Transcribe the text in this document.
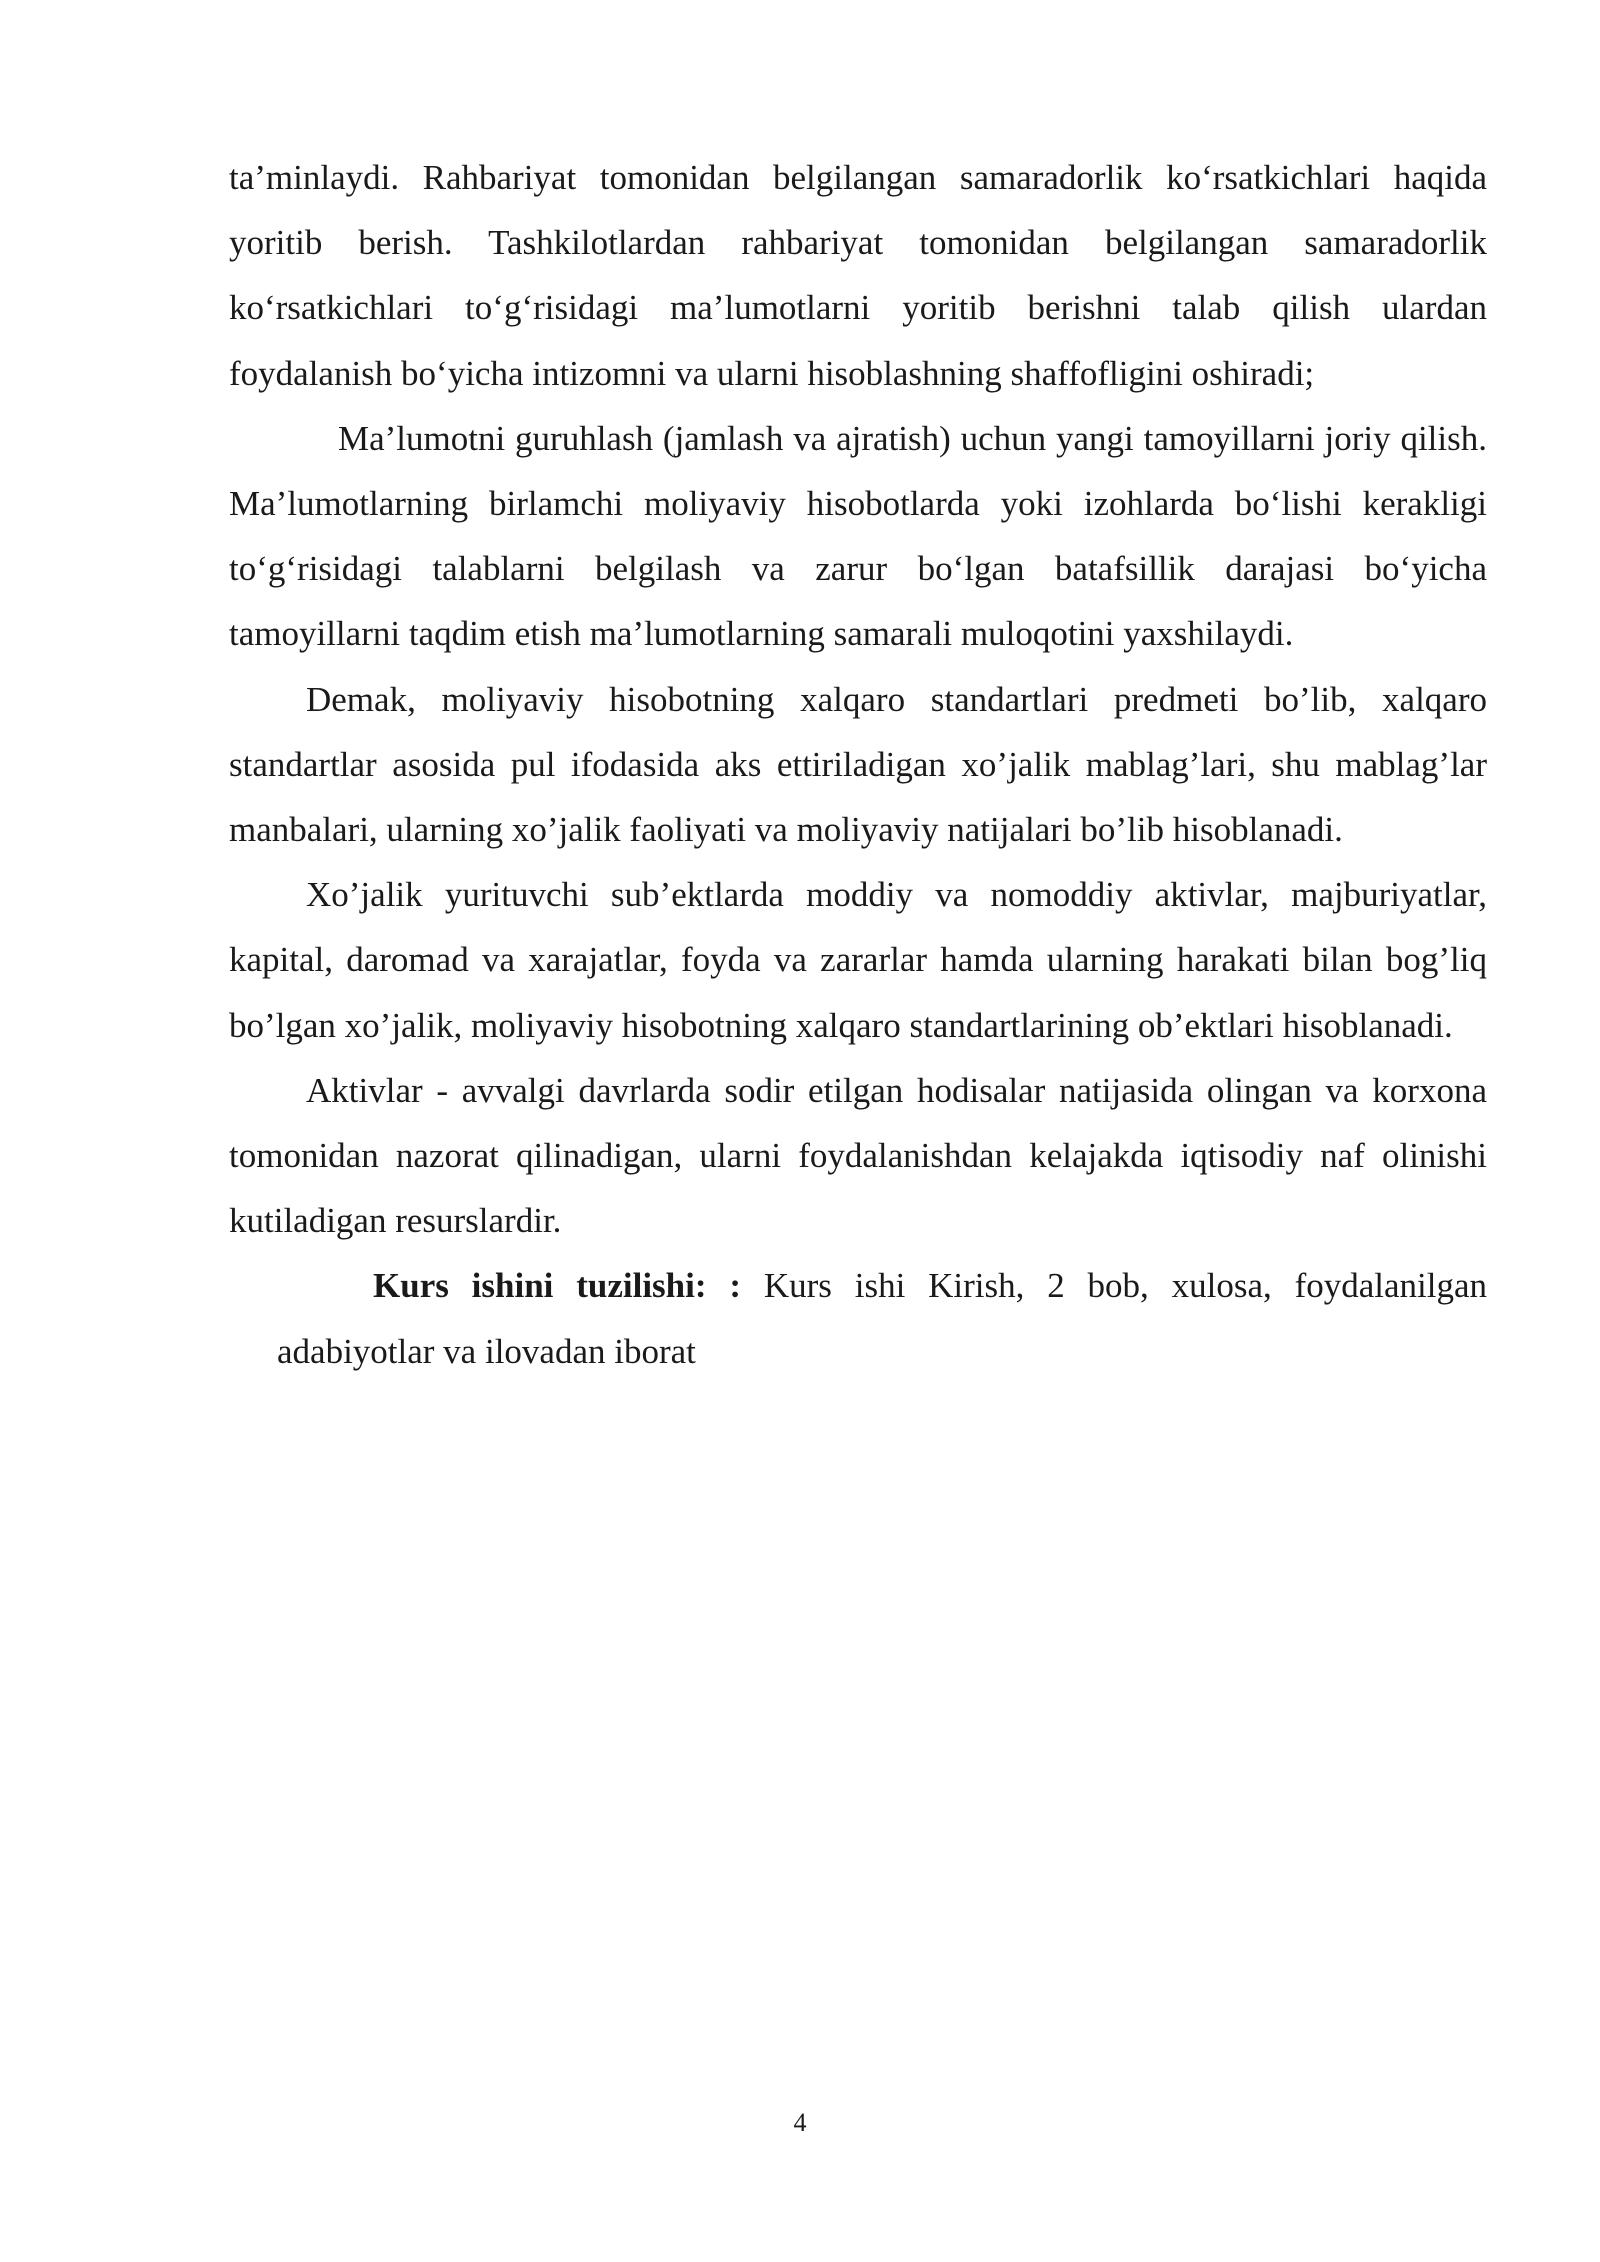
ta’minlaydi. Rahbariyat tomonidan belgilangan samaradorlik ko‘rsatkichlari haqida yoritib berish. Tashkilotlardan rahbariyat tomonidan belgilangan samaradorlik ko‘rsatkichlari to‘g‘risidagi ma’lumotlarni yoritib berishni talab qilish ulardan foydalanish bo‘yicha intizomni va ularni hisoblashning shaffofligini oshiradi;

Ma’lumotni guruhlash (jamlash va ajratish) uchun yangi tamoyillarni joriy qilish. Ma’lumotlarning birlamchi moliyaviy hisobotlarda yoki izohlarda bo‘lishi kerakligi to‘g‘risidagi talablarni belgilash va zarur bo‘lgan batafsillik darajasi bo‘yicha tamoyillarni taqdim etish ma’lumotlarning samarali muloqotini yaxshilaydi.

Demak, moliyaviy hisobotning xalqaro standartlari predmeti bo’lib, xalqaro standartlar asosida pul ifodasida aks ettiriladigan xo’jalik mablag’lari, shu mablag’lar manbalari, ularning xo’jalik faoliyati va moliyaviy natijalari bo’lib hisoblanadi.

Xo’jalik yurituvchi sub’ektlarda moddiy va nomoddiy aktivlar, majburiyatlar, kapital, daromad va xarajatlar, foyda va zararlar hamda ularning harakati bilan bog’liq bo’lgan xo’jalik, moliyaviy hisobotning xalqaro standartlarining ob’ektlari hisoblanadi.

Aktivlar - avvalgi davrlarda sodir etilgan hodisalar natijasida olingan va korxona tomonidan nazorat qilinadigan, ularni foydalanishdan kelajakda iqtisodiy naf olinishi kutiladigan resurslardir.

Kurs ishini tuzilishi: : Kurs ishi Kirish, 2 bob, xulosa, foydalanilgan adabiyotlar va ilovadan iborat

4
